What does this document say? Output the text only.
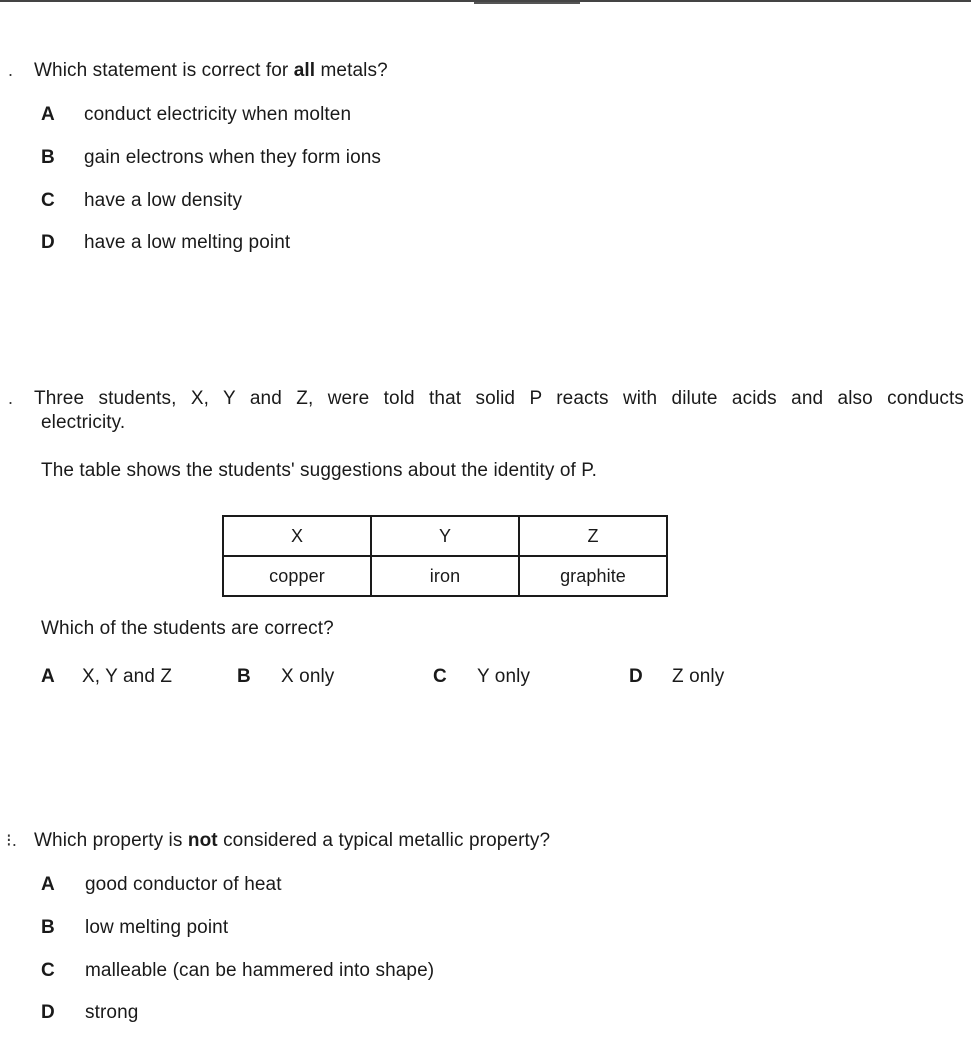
. Which statement is correct for all metals?
A conduct electricity when molten
B gain electrons when they form ions
C have a low density
D have a low melting point
. Three students, X, Y and Z, were told that solid P reacts with dilute acids and also conducts
electricity.
The table shows the students' suggestions about the identity of P.
X	Y	Z
copper	iron	graphite
Which of the students are correct?
A X, Y and Z	B X only	C Y only	D Z only
⁝. Which property is not considered a typical metallic property?
A good conductor of heat
B low melting point
C malleable (can be hammered into shape)
D strong
